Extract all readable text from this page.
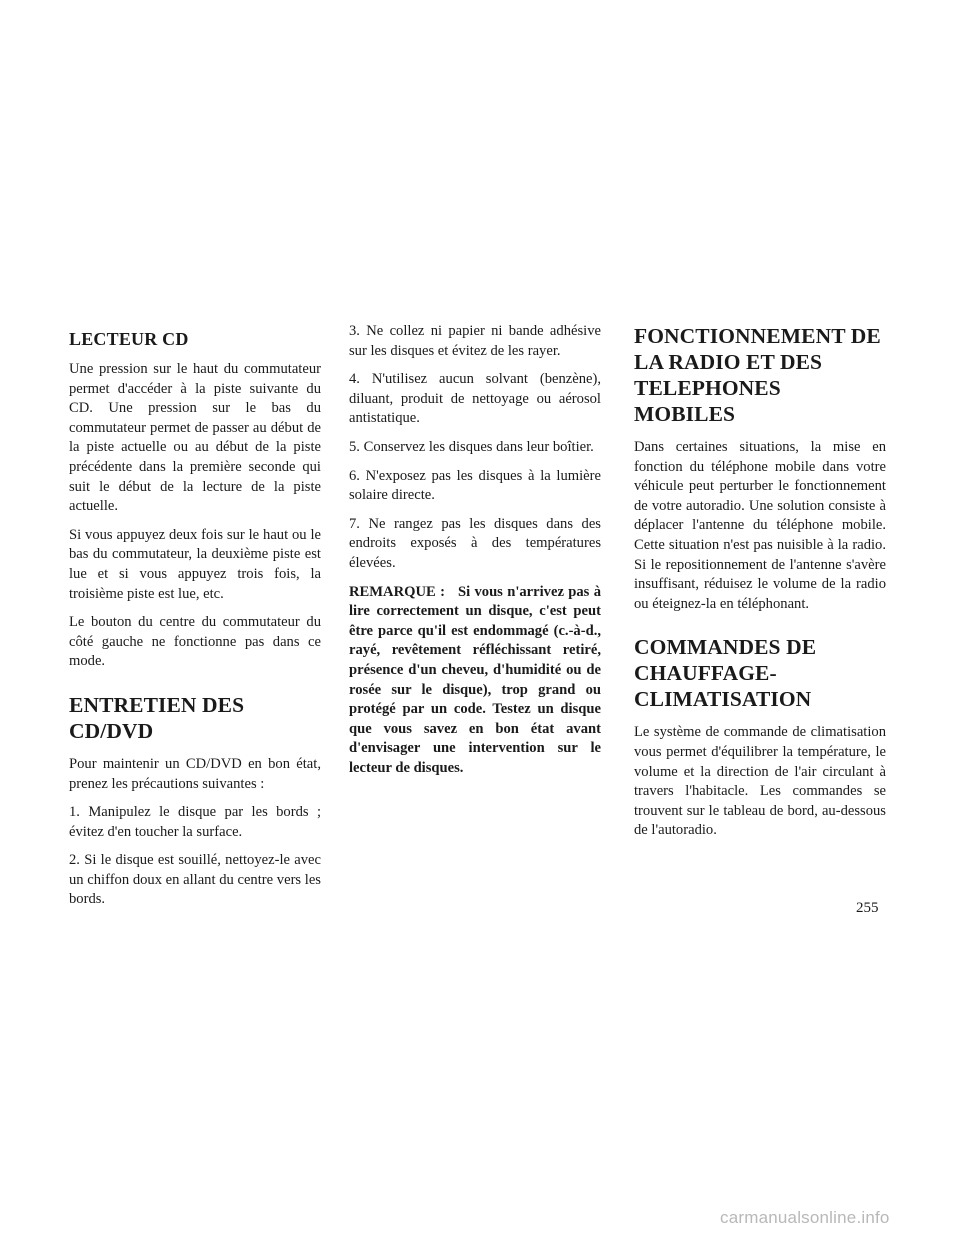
LECTEUR CD

Une pression sur le haut du commutateur permet d'accéder à la piste suivante du CD. Une pression sur le bas du commutateur permet de passer au début de la piste actuelle ou au début de la piste précédente dans la première seconde qui suit le début de la lecture de la piste actuelle.

Si vous appuyez deux fois sur le haut ou le bas du commutateur, la deuxième piste est lue et si vous appuyez trois fois, la troisième piste est lue, etc.

Le bouton du centre du commutateur du côté gauche ne fonctionne pas dans ce mode.

ENTRETIEN DES CD/DVD

Pour maintenir un CD/DVD en bon état, prenez les précautions suivantes :

1. Manipulez le disque par les bords ; évitez d'en toucher la surface.

2. Si le disque est souillé, nettoyez-le avec un chiffon doux en allant du centre vers les bords.

3. Ne collez ni papier ni bande adhésive sur les disques et évitez de les rayer.

4. N'utilisez aucun solvant (benzène), diluant, produit de nettoyage ou aérosol antistatique.

5. Conservez les disques dans leur boîtier.

6. N'exposez pas les disques à la lumière solaire directe.

7. Ne rangez pas les disques dans des endroits exposés à des températures élevées.

REMARQUE : Si vous n'arrivez pas à lire correctement un disque, c'est peut être parce qu'il est endommagé (c.-à-d., rayé, revêtement réfléchissant retiré, présence d'un cheveu, d'humidité ou de rosée sur le disque), trop grand ou protégé par un code. Testez un disque que vous savez en bon état avant d'envisager une intervention sur le lecteur de disques.

FONCTIONNEMENT DE
LA RADIO ET DES
TELEPHONES MOBILES

Dans certaines situations, la mise en fonction du téléphone mobile dans votre véhicule peut perturber le fonctionnement de votre autoradio. Une solution consiste à déplacer l'antenne du téléphone mobile. Cette situation n'est pas nuisible à la radio. Si le repositionnement de l'antenne s'avère insuffisant, réduisez le volume de la radio ou éteignez-la en téléphonant.

COMMANDES DE
CHAUFFAGE-
CLIMATISATION

Le système de commande de climatisation vous permet d'équilibrer la température, le volume et la direction de l'air circulant à travers l'habitacle. Les commandes se trouvent sur le tableau de bord, au-dessous de l'autoradio.

255
carmanualsonline.info
